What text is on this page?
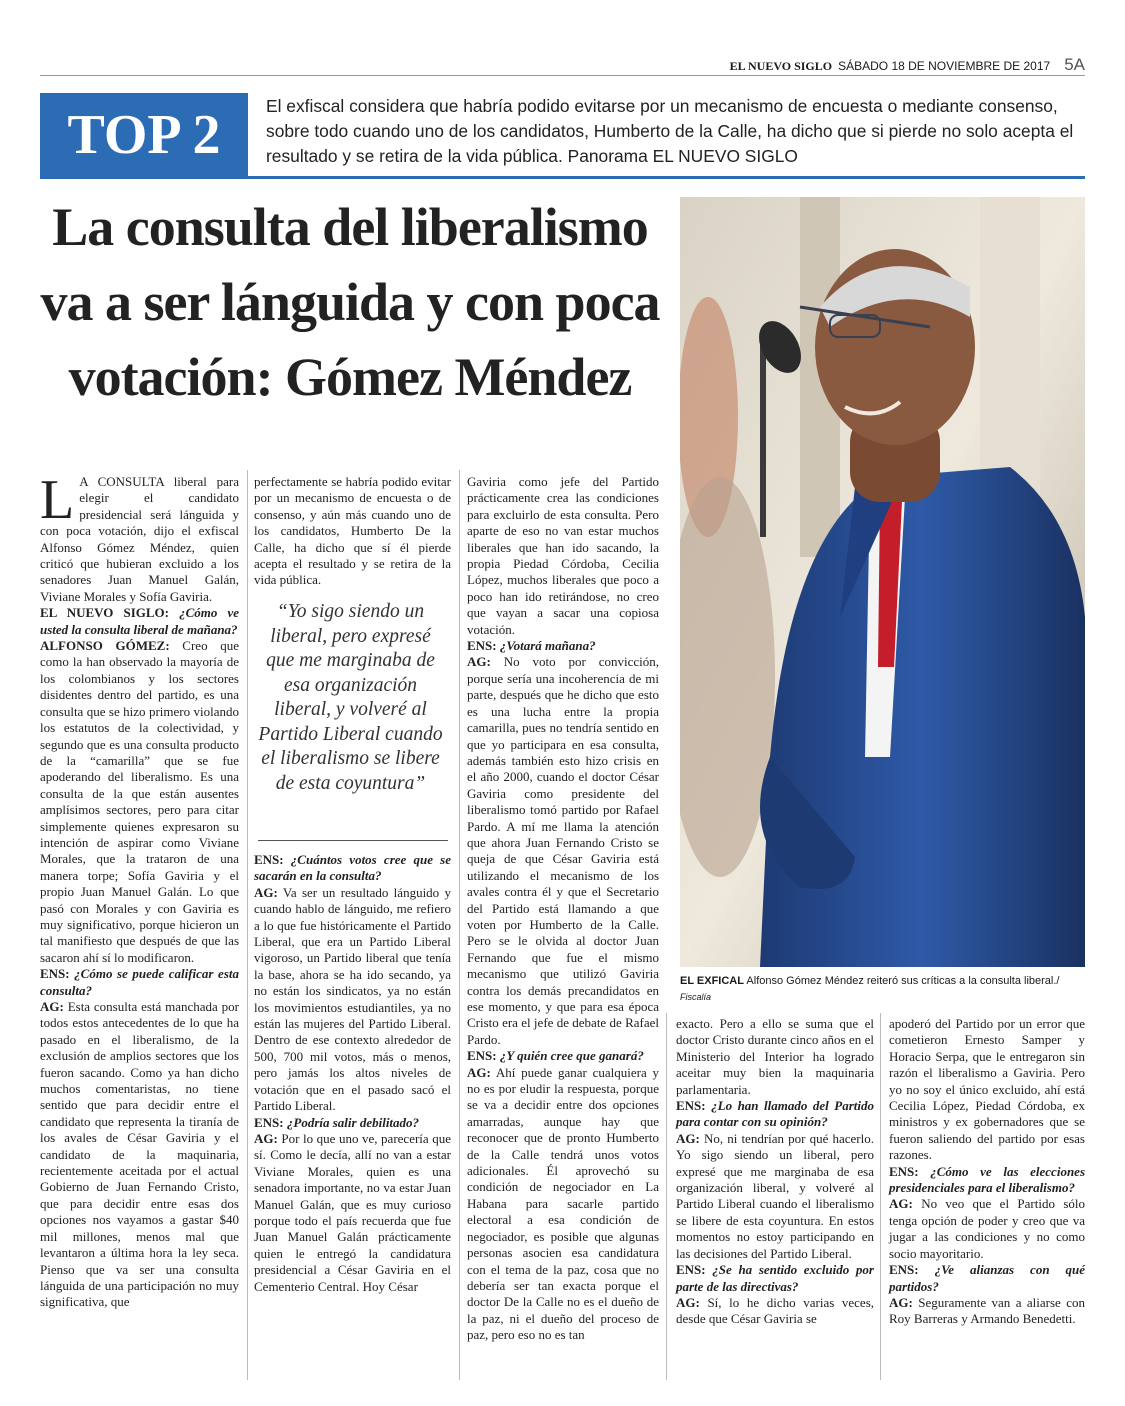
EL NUEVO SIGLO SÁBADO 18 DE NOVIEMBRE DE 2017 5A
TOP 2	El exfiscal considera que habría podido evitarse por un mecanismo de encuesta o mediante consenso, sobre todo cuando uno de los candidatos, Humberto de la Calle, ha dicho que si pierde no solo acepta el resultado y se retira de la vida pública. Panorama EL NUEVO SIGLO
La consulta del liberalismo va a ser lánguida y con poca votación: Gómez Méndez
EL EXFICAL Alfonso Gómez Méndez reiteró sus críticas a la consulta liberal./
Fiscalía

L A CONSULTA liberal para elegir el candidato presidencial será lánguida y con poca votación, dijo el exfiscal Alfonso Gómez Méndez, quien criticó que hubieran excluido a los senadores Juan Manuel Galán, Viviane Morales y Sofía Gaviria.

EL NUEVO SIGLO: ¿Cómo ve usted la consulta liberal de mañana?

ALFONSO GÓMEZ: Creo que como la han observado la mayoría de los colombianos y los sectores disidentes dentro del partido, es una consulta que se hizo primero violando los estatutos de la colectividad, y segundo que es una consulta producto de la “camarilla” que se fue apoderando del liberalismo. Es una consulta de la que están ausentes amplísimos sectores, pero para citar simplemente quienes expresaron su intención de aspirar como Viviane Morales, que la trataron de una manera torpe; Sofía Gaviria y el propio Juan Manuel Galán. Lo que pasó con Morales y con Gaviria es muy significativo, porque hicieron un tal manifiesto que después de que las sacaron ahí sí lo modificaron.

ENS: ¿Cómo se puede calificar esta consulta?

AG: Esta consulta está manchada por todos estos antecedentes de lo que ha pasado en el liberalismo, de la exclusión de amplios sectores que los fueron sacando. Como ya han dicho muchos comentaristas, no tiene sentido que para decidir entre el candidato que representa la tiranía de los avales de César Gaviria y el candidato de la maquinaria, recientemente aceitada por el actual Gobierno de Juan Fernando Cristo, que para decidir entre esas dos opciones nos vayamos a gastar $40 mil millones, menos mal que levantaron a última hora la ley seca. Pienso que va ser una consulta lánguida de una participación no muy significativa, que

perfectamente se habría podido evitar por un mecanismo de encuesta o de consenso, y aún más cuando uno de los candidatos, Humberto De la Calle, ha dicho que sí él pierde acepta el resultado y se retira de la vida pública.

“Yo sigo siendo un liberal, pero expresé que me marginaba de esa organización liberal, y volveré al Partido Liberal cuando el liberalismo se libere de esta coyuntura”

ENS: ¿Cuántos votos cree que se sacarán en la consulta?

AG: Va ser un resultado lánguido y cuando hablo de lánguido, me refiero a lo que fue históricamente el Partido Liberal, que era un Partido Liberal vigoroso, un Partido liberal que tenía la base, ahora se ha ido secando, ya no están los sindicatos, ya no están los movimientos estudiantiles, ya no están las mujeres del Partido Liberal. Dentro de ese contexto alrededor de 500, 700 mil votos, más o menos, pero jamás los altos niveles de votación que en el pasado sacó el Partido Liberal.

ENS: ¿Podría salir debilitado?

AG: Por lo que uno ve, parecería que sí. Como le decía, allí no van a estar Viviane Morales, quien es una senadora importante, no va estar Juan Manuel Galán, que es muy curioso porque todo el país recuerda que fue Juan Manuel Galán prácticamente quien le entregó la candidatura presidencial a César Gaviria en el Cementerio Central. Hoy César

Gaviria como jefe del Partido prácticamente crea las condiciones para excluirlo de esta consulta. Pero aparte de eso no van estar muchos liberales que han ido sacando, la propia Piedad Córdoba, Cecilia López, muchos liberales que poco a poco han ido retirándose, no creo que vayan a sacar una copiosa votación.

ENS: ¿Votará mañana?

AG: No voto por convicción, porque sería una incoherencia de mi parte, después que he dicho que esto es una lucha entre la propia camarilla, pues no tendría sentido en que yo participara en esa consulta, además también esto hizo crisis en el año 2000, cuando el doctor César Gaviria como presidente del liberalismo tomó partido por Rafael Pardo. A mí me llama la atención que ahora Juan Fernando Cristo se queja de que César Gaviria está utilizando el mecanismo de los avales contra él y que el Secretario del Partido está llamando a que voten por Humberto de la Calle. Pero se le olvida al doctor Juan Fernando que fue el mismo mecanismo que utilizó Gaviria contra los demás precandidatos en ese momento, y que para esa época Cristo era el jefe de debate de Rafael Pardo.

ENS: ¿Y quién cree que ganará?

AG: Ahí puede ganar cualquiera y no es por eludir la respuesta, porque se va a decidir entre dos opciones amarradas, aunque hay que reconocer que de pronto Humberto de la Calle tendrá unos votos adicionales. Él aprovechó su condición de negociador en La Habana para sacarle partido electoral a esa condición de negociador, es posible que algunas personas asocien esa candidatura con el tema de la paz, cosa que no debería ser tan exacta porque el doctor De la Calle no es el dueño de la paz, ni el dueño del proceso de paz, pero eso no es tan

exacto. Pero a ello se suma que el doctor Cristo durante cinco años en el Ministerio del Interior ha logrado aceitar muy bien la maquinaria parlamentaria.

ENS: ¿Lo han llamado del Partido para contar con su opinión?

AG: No, ni tendrían por qué hacerlo. Yo sigo siendo un liberal, pero expresé que me marginaba de esa organización liberal, y volveré al Partido Liberal cuando el liberalismo se libere de esta coyuntura. En estos momentos no estoy participando en las decisiones del Partido Liberal.

ENS: ¿Se ha sentido excluido por parte de las directivas?

AG: Sí, lo he dicho varias veces, desde que César Gaviria se

apoderó del Partido por un error que cometieron Ernesto Samper y Horacio Serpa, que le entregaron sin razón el liberalismo a Gaviria. Pero yo no soy el único excluido, ahí está Cecilia López, Piedad Córdoba, ex ministros y ex gobernadores que se fueron saliendo del partido por esas razones.

ENS: ¿Cómo ve las elecciones presidenciales para el liberalismo?

AG: No veo que el Partido sólo tenga opción de poder y creo que va jugar a las condiciones y no como socio mayoritario.

ENS: ¿Ve alianzas con qué partidos?

AG: Seguramente van a aliarse con Roy Barreras y Armando Benedetti.
